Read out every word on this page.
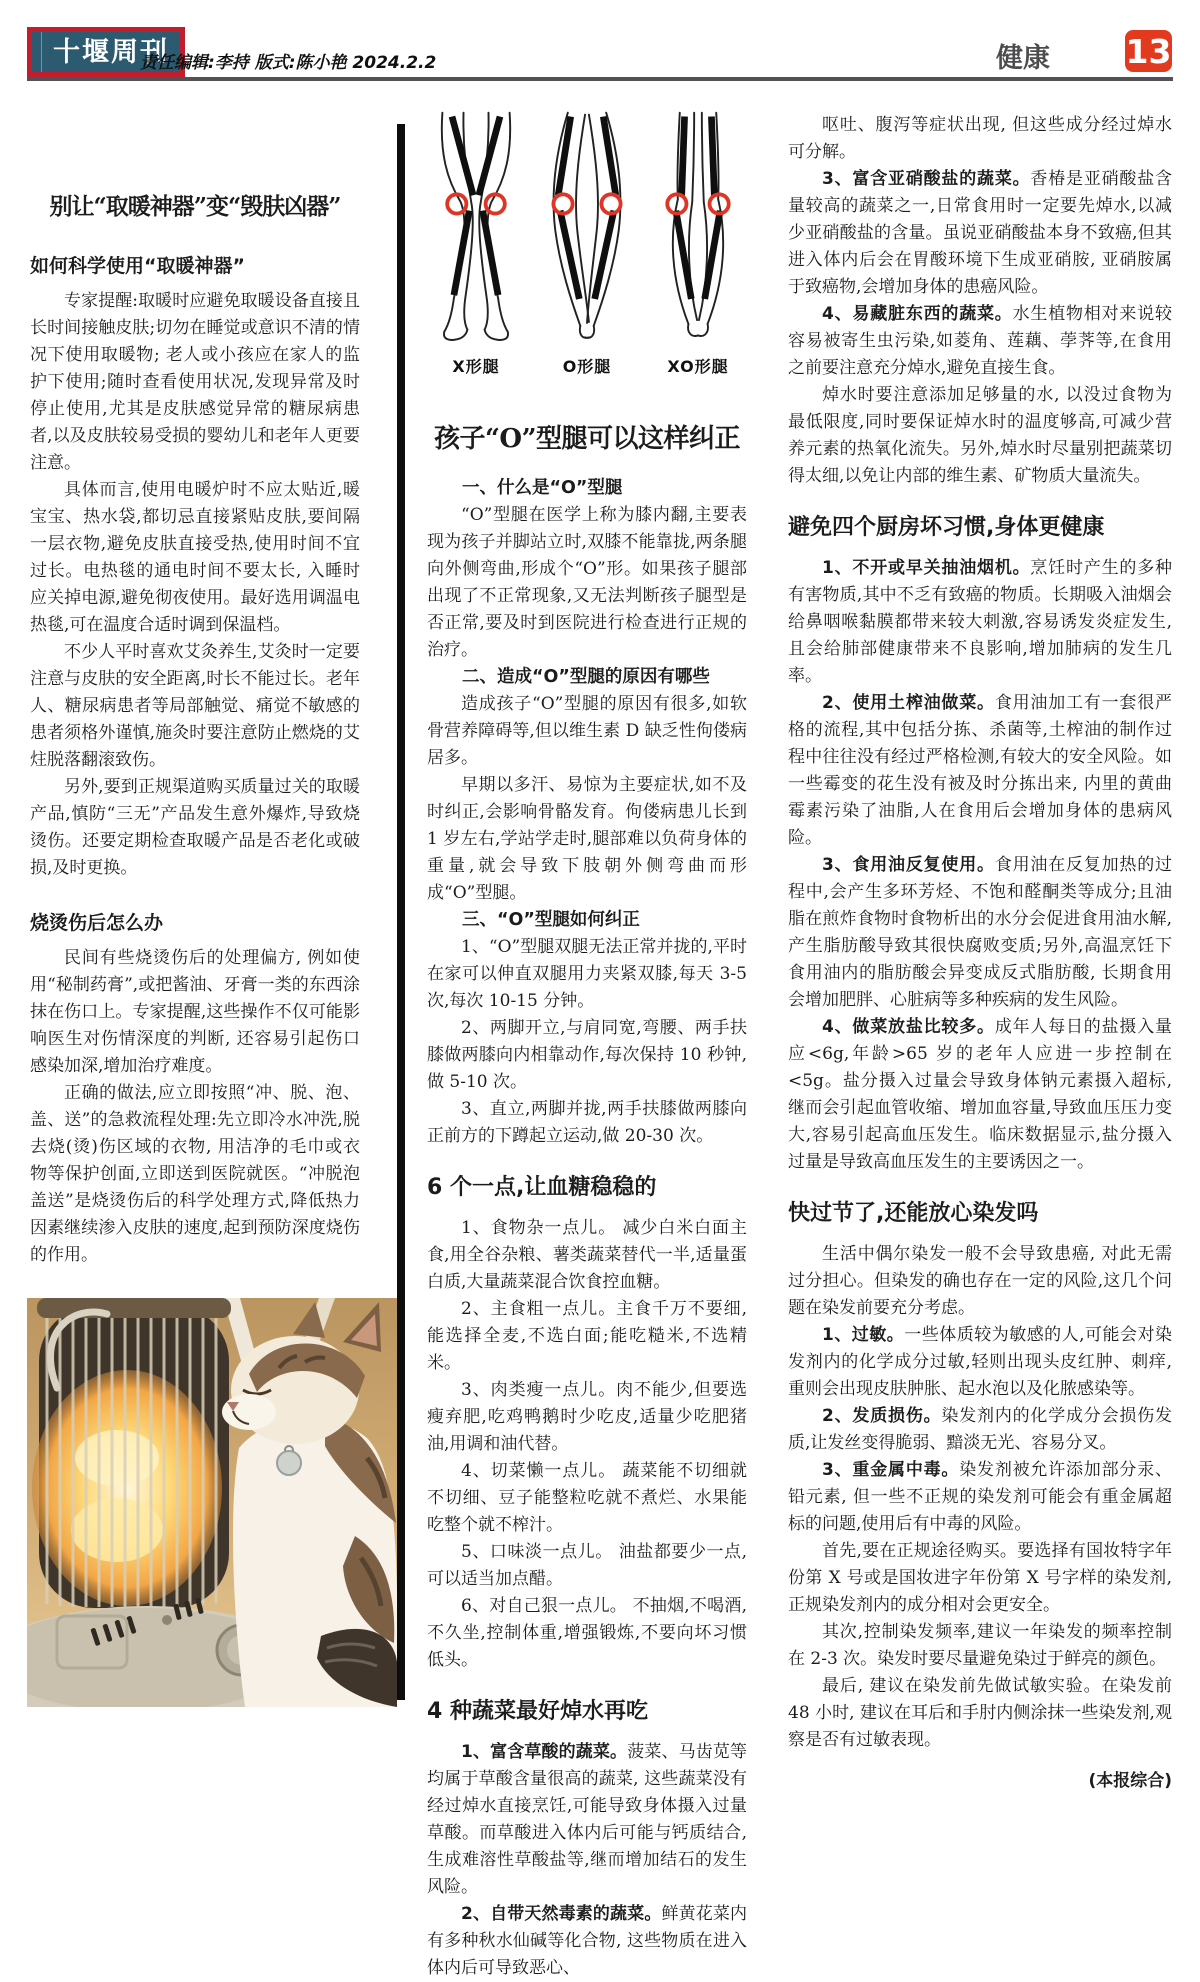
十堰周刊
责任编辑:李持 版式:陈小艳 2024.2.2	健康 13
别让“取暖神器”变“毁肤凶器”
如何科学使用“取暖神器”

专家提醒:取暖时应避免取暖设备直接且长时间接触皮肤;切勿在睡觉或意识不清的情况下使用取暖物; 老人或小孩应在家人的监护下使用;随时查看使用状况,发现异常及时停止使用,尤其是皮肤感觉异常的糖尿病患者,以及皮肤较易受损的婴幼儿和老年人更要注意。

具体而言,使用电暖炉时不应太贴近,暖宝宝、热水袋,都切忌直接紧贴皮肤,要间隔一层衣物,避免皮肤直接受热,使用时间不宜过长。电热毯的通电时间不要太长, 入睡时应关掉电源,避免彻夜使用。最好选用调温电热毯,可在温度合适时调到保温档。

不少人平时喜欢艾灸养生,艾灸时一定要注意与皮肤的安全距离,时长不能过长。老年人、糖尿病患者等局部触觉、痛觉不敏感的患者须格外谨慎,施灸时要注意防止燃烧的艾炷脱落翻滚致伤。

另外,要到正规渠道购买质量过关的取暖产品,慎防“三无”产品发生意外爆炸,导致烧烫伤。还要定期检查取暖产品是否老化或破损,及时更换。

烧烫伤后怎么办

民间有些烧烫伤后的处理偏方, 例如使用“秘制药膏”,或把酱油、牙膏一类的东西涂抹在伤口上。专家提醒,这些操作不仅可能影响医生对伤情深度的判断, 还容易引起伤口感染加深,增加治疗难度。

正确的做法,应立即按照“冲、脱、泡、盖、送”的急救流程处理:先立即冷水冲洗,脱去烧(烫)伤区域的衣物, 用洁净的毛巾或衣物等保护创面,立即送到医院就医。“冲脱泡盖送”是烧烫伤后的科学处理方式,降低热力因素继续渗入皮肤的速度,起到预防深度烧伤的作用。

X形腿	O形腿	XO形腿
孩子“O”型腿可以这样纠正
一、什么是“O”型腿

“O”型腿在医学上称为膝内翻,主要表现为孩子并脚站立时,双膝不能靠拢,两条腿向外侧弯曲,形成个“O”形。如果孩子腿部出现了不正常现象,又无法判断孩子腿型是否正常,要及时到医院进行检查进行正规的治疗。

二、造成“O”型腿的原因有哪些

造成孩子“O”型腿的原因有很多,如软骨营养障碍等,但以维生素 D 缺乏性佝偻病居多。

早期以多汗、易惊为主要症状,如不及时纠正,会影响骨骼发育。佝偻病患儿长到 1 岁左右,学站学走时,腿部难以负荷身体的重量,就会导致下肢朝外侧弯曲而形成“O”型腿。

三、“O”型腿如何纠正

1、“O”型腿双腿无法正常并拢的,平时在家可以伸直双腿用力夹紧双膝,每天 3-5 次,每次 10-15 分钟。

2、两脚开立,与肩同宽,弯腰、两手扶膝做两膝向内相靠动作,每次保持 10 秒钟,做 5-10 次。

3、直立,两脚并拢,两手扶膝做两膝向正前方的下蹲起立运动,做 20-30 次。

6 个一点,让血糖稳稳的

1、食物杂一点儿。 减少白米白面主食,用全谷杂粮、薯类蔬菜替代一半,适量蛋白质,大量蔬菜混合饮食控血糖。

2、主食粗一点儿。主食千万不要细,能选择全麦,不选白面;能吃糙米,不选精米。

3、肉类瘦一点儿。肉不能少,但要选瘦弃肥,吃鸡鸭鹅时少吃皮,适量少吃肥猪油,用调和油代替。

4、切菜懒一点儿。 蔬菜能不切细就不切细、豆子能整粒吃就不煮烂、水果能吃整个就不榨汁。

5、口味淡一点儿。 油盐都要少一点,可以适当加点醋。

6、对自己狠一点儿。 不抽烟,不喝酒,不久坐,控制体重,增强锻炼,不要向坏习惯低头。

4 种蔬菜最好焯水再吃

1、富含草酸的蔬菜。菠菜、马齿苋等均属于草酸含量很高的蔬菜, 这些蔬菜没有经过焯水直接烹饪,可能导致身体摄入过量草酸。而草酸进入体内后可能与钙质结合,生成难溶性草酸盐等,继而增加结石的发生风险。

2、自带天然毒素的蔬菜。鲜黄花菜内有多种秋水仙碱等化合物, 这些物质在进入体内后可导致恶心、

呕吐、腹泻等症状出现, 但这些成分经过焯水可分解。

3、富含亚硝酸盐的蔬菜。香椿是亚硝酸盐含量较高的蔬菜之一,日常食用时一定要先焯水,以减少亚硝酸盐的含量。虽说亚硝酸盐本身不致癌,但其进入体内后会在胃酸环境下生成亚硝胺, 亚硝胺属于致癌物,会增加身体的患癌风险。

4、易藏脏东西的蔬菜。水生植物相对来说较容易被寄生虫污染,如菱角、莲藕、荸荠等,在食用之前要注意充分焯水,避免直接生食。

焯水时要注意添加足够量的水, 以没过食物为最低限度,同时要保证焯水时的温度够高,可减少营养元素的热氧化流失。另外,焯水时尽量别把蔬菜切得太细,以免让内部的维生素、矿物质大量流失。

避免四个厨房坏习惯,身体更健康

1、不开或早关抽油烟机。烹饪时产生的多种有害物质,其中不乏有致癌的物质。长期吸入油烟会给鼻咽喉黏膜都带来较大刺激,容易诱发炎症发生,且会给肺部健康带来不良影响,增加肺病的发生几率。

2、使用土榨油做菜。食用油加工有一套很严格的流程,其中包括分拣、杀菌等,土榨油的制作过程中往往没有经过严格检测,有较大的安全风险。如一些霉变的花生没有被及时分拣出来, 内里的黄曲霉素污染了油脂,人在食用后会增加身体的患病风险。

3、食用油反复使用。食用油在反复加热的过程中,会产生多环芳烃、不饱和醛酮类等成分;且油脂在煎炸食物时食物析出的水分会促进食用油水解,产生脂肪酸导致其很快腐败变质;另外,高温烹饪下食用油内的脂肪酸会异变成反式脂肪酸, 长期食用会增加肥胖、心脏病等多种疾病的发生风险。

4、做菜放盐比较多。成年人每日的盐摄入量应<6g,年龄>65 岁的老年人应进一步控制在<5g。盐分摄入过量会导致身体钠元素摄入超标, 继而会引起血管收缩、增加血容量,导致血压压力变大,容易引起高血压发生。临床数据显示,盐分摄入过量是导致高血压发生的主要诱因之一。

快过节了,还能放心染发吗

生活中偶尔染发一般不会导致患癌, 对此无需过分担心。但染发的确也存在一定的风险,这几个问题在染发前要充分考虑。

1、过敏。一些体质较为敏感的人,可能会对染发剂内的化学成分过敏,轻则出现头皮红肿、刺痒,重则会出现皮肤肿胀、起水泡以及化脓感染等。

2、发质损伤。染发剂内的化学成分会损伤发质,让发丝变得脆弱、黯淡无光、容易分叉。

3、重金属中毒。染发剂被允许添加部分汞、铅元素, 但一些不正规的染发剂可能会有重金属超标的问题,使用后有中毒的风险。

首先,要在正规途径购买。要选择有国妆特字年份第 X 号或是国妆进字年份第 X 号字样的染发剂,正规染发剂内的成分相对会更安全。

其次,控制染发频率,建议一年染发的频率控制在 2-3 次。染发时要尽量避免染过于鲜亮的颜色。

最后, 建议在染发前先做试敏实验。在染发前 48 小时, 建议在耳后和手肘内侧涂抹一些染发剂,观察是否有过敏表现。

(本报综合)
